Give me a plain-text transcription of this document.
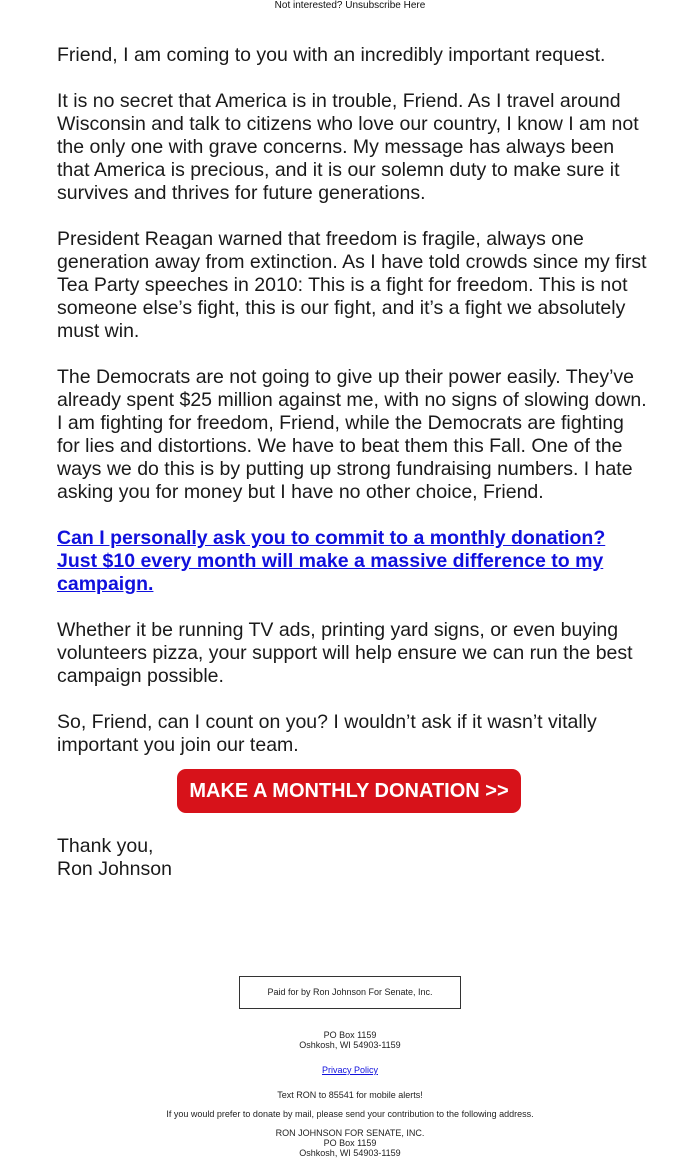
Not interested? Unsubscribe Here

Friend, I am coming to you with an incredibly important request.

It is no secret that America is in trouble, Friend. As I travel around Wisconsin and talk to citizens who love our country, I know I am not the only one with grave concerns. My message has always been that America is precious, and it is our solemn duty to make sure it survives and thrives for future generations.

President Reagan warned that freedom is fragile, always one generation away from extinction. As I have told crowds since my first Tea Party speeches in 2010: This is a fight for freedom. This is not someone else’s fight, this is our fight, and it’s a fight we absolutely must win.

The Democrats are not going to give up their power easily. They’ve already spent $25 million against me, with no signs of slowing down. I am fighting for freedom, Friend, while the Democrats are fighting for lies and distortions. We have to beat them this Fall. One of the ways we do this is by putting up strong fundraising numbers. I hate asking you for money but I have no other choice, Friend.

Can I personally ask you to commit to a monthly donation? Just $10 every month will make a massive difference to my campaign.

Whether it be running TV ads, printing yard signs, or even buying volunteers pizza, your support will help ensure we can run the best campaign possible.

So, Friend, can I count on you? I wouldn’t ask if it wasn’t vitally important you join our team.

MAKE A MONTHLY DONATION >>
Thank you,
Ron Johnson
Paid for by Ron Johnson For Senate, Inc.
PO Box 1159
Oshkosh, WI 54903-1159
Privacy Policy
Text RON to 85541 for mobile alerts!
If you would prefer to donate by mail, please send your contribution to the following address.
RON JOHNSON FOR SENATE, INC.
PO Box 1159
Oshkosh, WI 54903-1159
